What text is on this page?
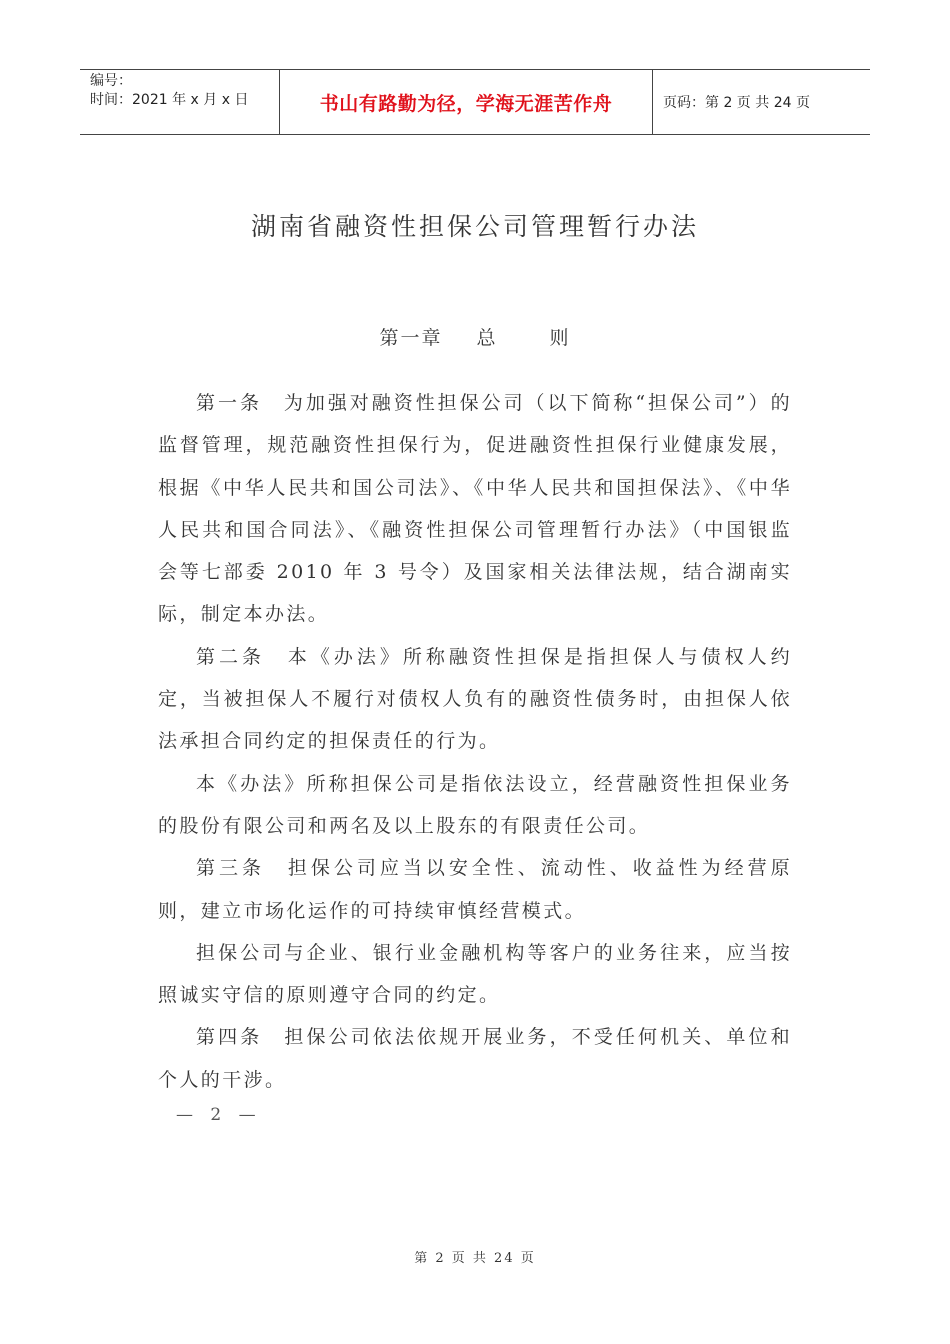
编号：
时间：2021 年 x 月 x 日	书山有路勤为径，学海无涯苦作舟	页码：第 2 页 共 24 页
湖南省融资性担保公司管理暂行办法
第一章 总	则

第一条　为加强对融资性担保公司（以下简称“担保公司”）的监督管理，规范融资性担保行为，促进融资性担保行业健康发展，根据《中华人民共和国公司法》、《中华人民共和国担保法》、《中华人民共和国合同法》、《融资性担保公司管理暂行办法》（中国银监会等七部委 2010 年 3 号令）及国家相关法律法规，结合湖南实际，制定本办法。

第二条　本《办法》所称融资性担保是指担保人与债权人约定，当被担保人不履行对债权人负有的融资性债务时，由担保人依法承担合同约定的担保责任的行为。

本《办法》所称担保公司是指依法设立，经营融资性担保业务的股份有限公司和两名及以上股东的有限责任公司。

第三条　担保公司应当以安全性、流动性、收益性为经营原则，建立市场化运作的可持续审慎经营模式。

担保公司与企业、银行业金融机构等客户的业务往来，应当按照诚实守信的原则遵守合同的约定。

第四条　担保公司依法依规开展业务，不受任何机关、单位和个人的干涉。

— 2 —
第 2 页 共 24 页
